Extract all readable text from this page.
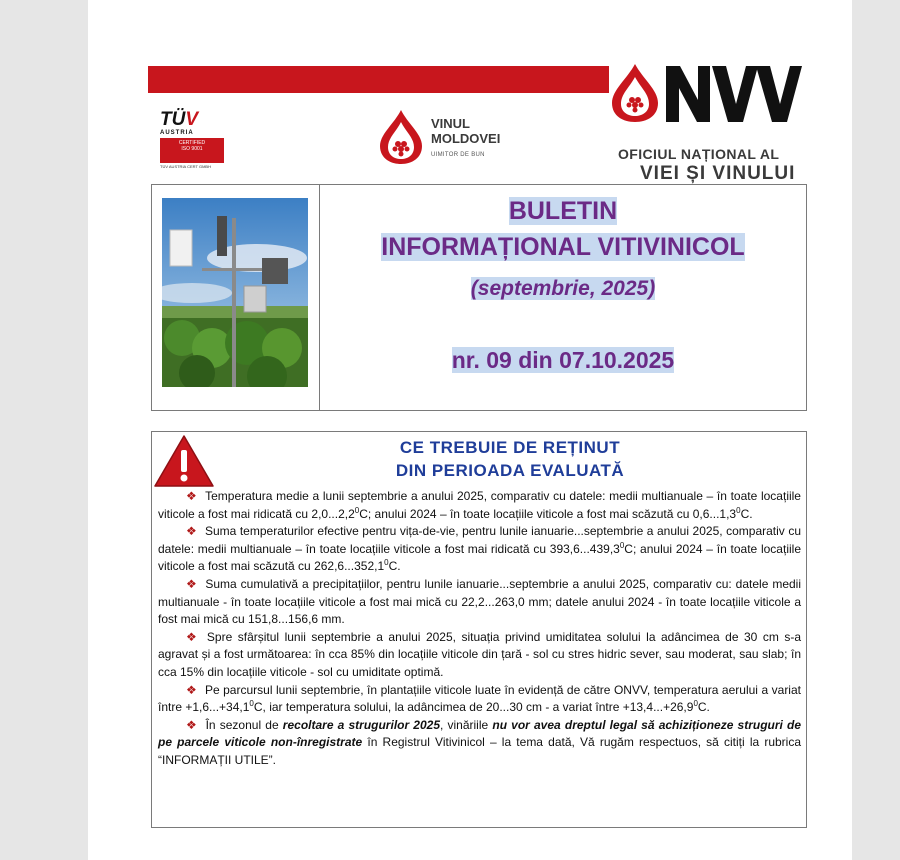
TÜV
AUSTRIA
CERTIFIED
ISO 9001
TÜV AUSTRIA CERT GMBH
VINUL
MOLDOVEI
UIMITOR DE BUN	OFICIUL NAȚIONAL AL
VIEI ȘI VINULUI
BULETIN
INFORMAȚIONAL VITIVINICOL
(septembrie, 2025)
nr. 09 din 07.10.2025
CE TREBUIE DE REȚINUT
DIN PERIOADA EVALUATĂ

❖ Temperatura medie a lunii septembrie a anului 2025, comparativ cu datele: medii multianuale – în toate locațiile viticole a fost mai ridicată cu 2,0...2,2$^0$C; anului 2024 – în toate locațiile viticole a fost mai scăzută cu 0,6...1,3$^0$C.

❖ Suma temperaturilor efective pentru vița-de-vie, pentru lunile ianuarie...septembrie a anului 2025, comparativ cu datele: medii multianuale – în toate locațiile viticole a fost mai ridicată cu 393,6...439,3$^0$C; anului 2024 – în toate locațiile viticole a fost mai scăzută cu 262,6...352,1$^0$C.

❖ Suma cumulativă a precipitațiilor, pentru lunile ianuarie...septembrie a anului 2025, comparativ cu: datele medii multianuale - în toate locațiile viticole a fost mai mică cu 22,2...263,0 mm; datele anului 2024 - în toate locațiile viticole a fost mai mică cu 151,8...156,6 mm.

❖ Spre sfârșitul lunii septembrie a anului 2025, situația privind umiditatea solului la adâncimea de 30 cm s-a agravat și a fost următoarea: în cca 85% din locațiile viticole din țară - sol cu stres hidric sever, sau moderat, sau slab; în cca 15% din locațiile viticole - sol cu umiditate optimă.

❖ Pe parcursul lunii septembrie, în plantațiile viticole luate în evidență de către ONVV, temperatura aerului a variat între $+1,6...+34,1^0C$, iar temperatura solului, la adâncimea de 20...30 cm - a variat între $+13,4...+26,9^0C$.

❖ În sezonul de recoltare a strugurilor 2025, vinăriile nu vor avea dreptul legal să achiziționeze struguri de pe parcele viticole non-înregistrate în Registrul Vitivinicol – la tema dată, Vă rugăm respectuos, să citiți la rubrica “INFORMAȚII UTILE”.
